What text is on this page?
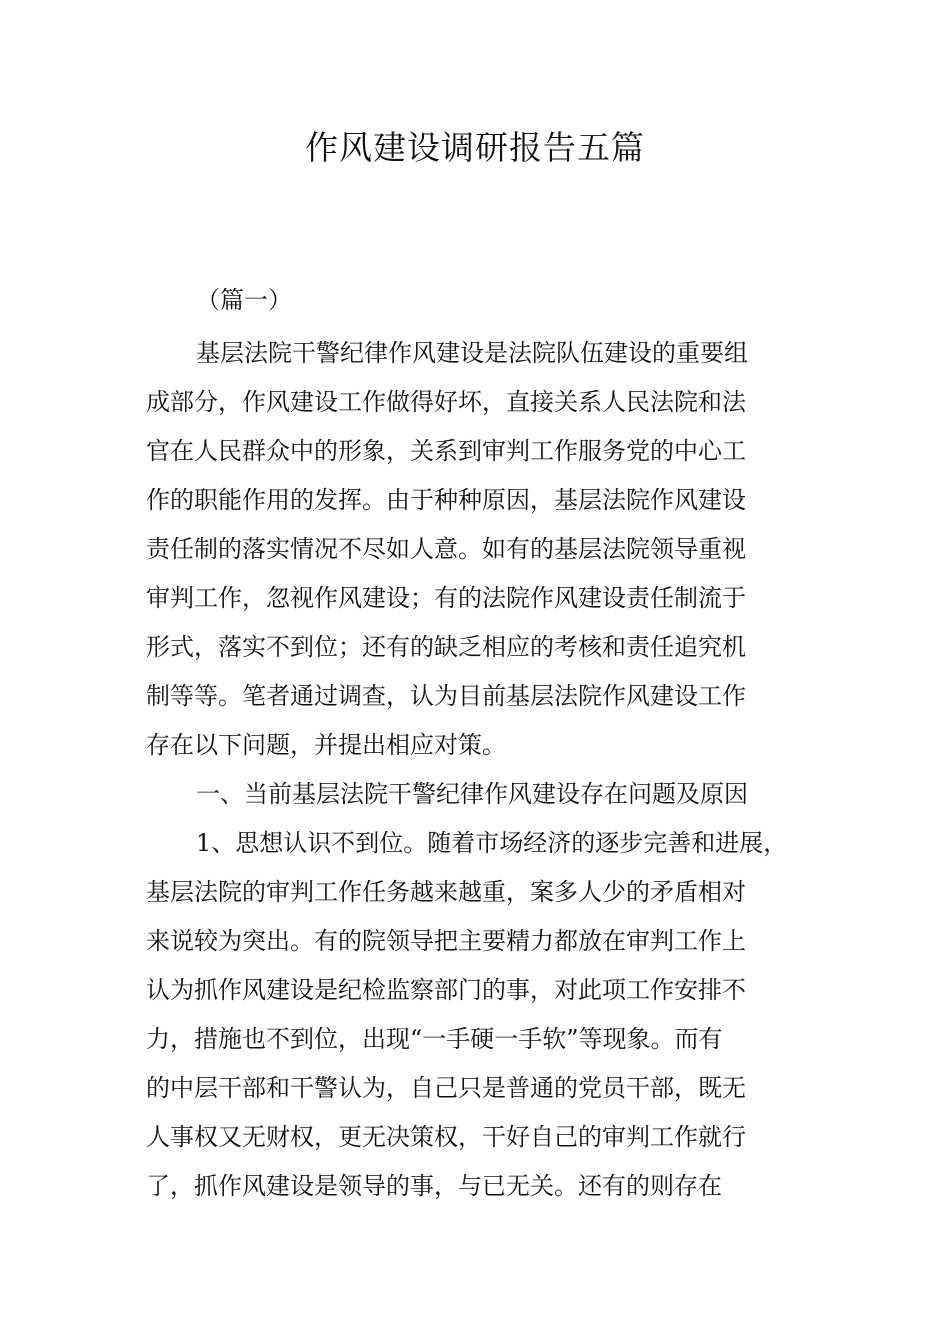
作风建设调研报告五篇

（篇一）

基层法院干警纪律作风建设是法院队伍建设的重要组
成部分，作风建设工作做得好坏，直接关系人民法院和法
官在人民群众中的形象，关系到审判工作服务党的中心工
作的职能作用的发挥。由于种种原因，基层法院作风建设
责任制的落实情况不尽如人意。如有的基层法院领导重视
审判工作，忽视作风建设；有的法院作风建设责任制流于
形式，落实不到位；还有的缺乏相应的考核和责任追究机
制等等。笔者通过调查，认为目前基层法院作风建设工作
存在以下问题，并提出相应对策。
一、当前基层法院干警纪律作风建设存在问题及原因
1、思想认识不到位。随着市场经济的逐步完善和进展，
基层法院的审判工作任务越来越重，案多人少的矛盾相对
来说较为突出。有的院领导把主要精力都放在审判工作上
认为抓作风建设是纪检监察部门的事，对此项工作安排不
力，措施也不到位，出现“一手硬一手软”等现象。而有
的中层干部和干警认为，自己只是普通的党员干部，既无
人事权又无财权，更无决策权，干好自己的审判工作就行
了，抓作风建设是领导的事，与已无关。还有的则存在
